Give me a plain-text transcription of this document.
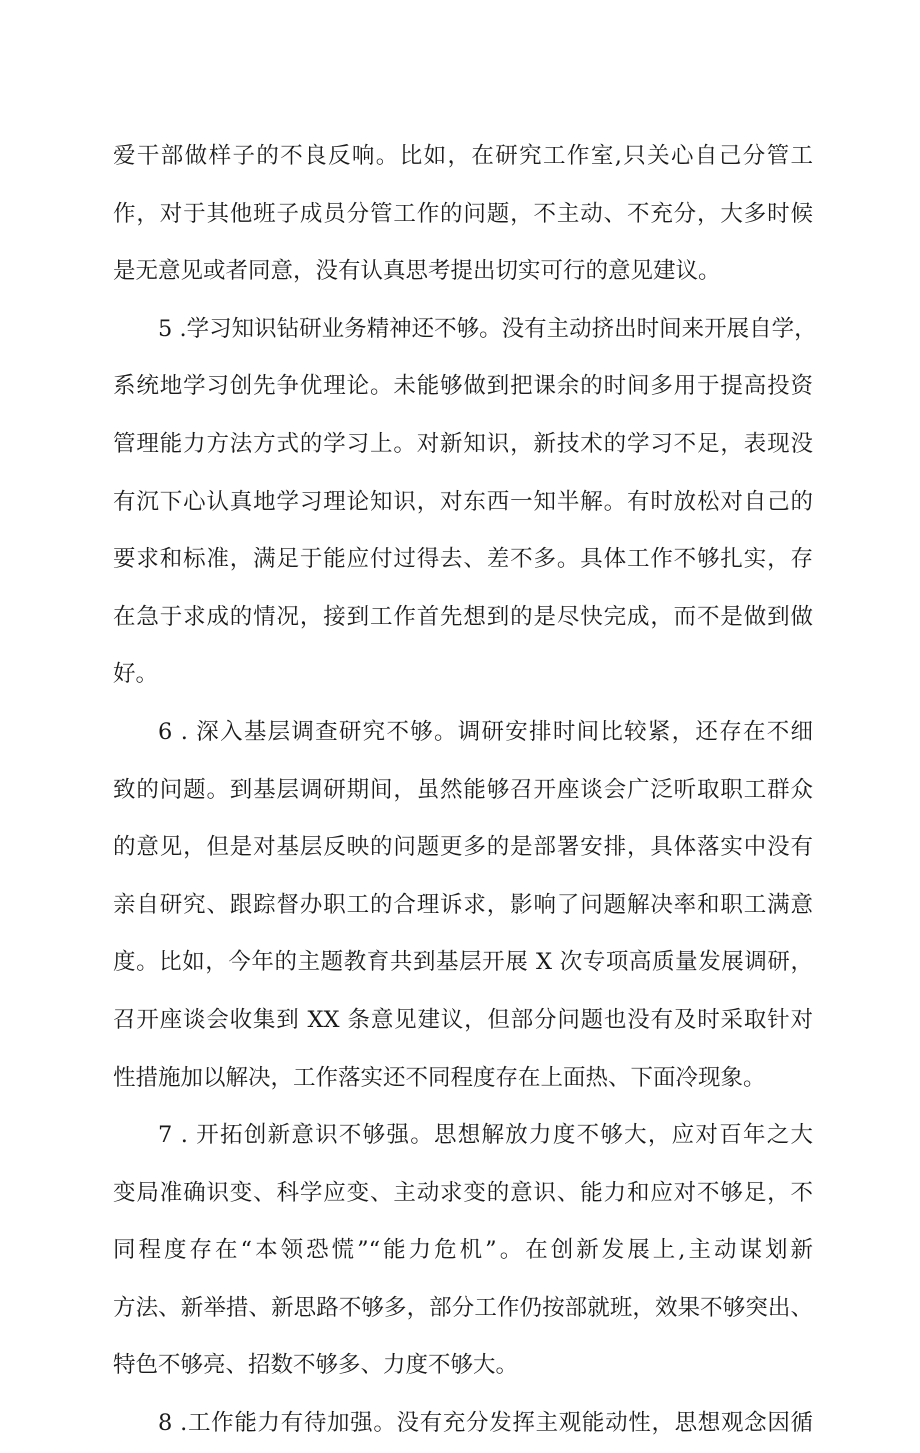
爱干部做样子的不良反响。比如，在研究工作室,只关心自己分管工
作，对于其他班子成员分管工作的问题，不主动、不充分，大多时候
是无意见或者同意，没有认真思考提出切实可行的意见建议。
5 .学习知识钻研业务精神还不够。没有主动挤出时间来开展自学，
系统地学习创先争优理论。未能够做到把课余的时间多用于提高投资
管理能力方法方式的学习上。对新知识，新技术的学习不足，表现没
有沉下心认真地学习理论知识，对东西一知半解。有时放松对自己的
要求和标准，满足于能应付过得去、差不多。具体工作不够扎实，存
在急于求成的情况，接到工作首先想到的是尽快完成，而不是做到做
好。
6 . 深入基层调查研究不够。调研安排时间比较紧，还存在不细
致的问题。到基层调研期间，虽然能够召开座谈会广泛听取职工群众
的意见，但是对基层反映的问题更多的是部署安排，具体落实中没有
亲自研究、跟踪督办职工的合理诉求，影响了问题解决率和职工满意
度。比如，今年的主题教育共到基层开展 X 次专项高质量发展调研，
召开座谈会收集到 XX 条意见建议，但部分问题也没有及时采取针对
性措施加以解决，工作落实还不同程度存在上面热、下面冷现象。
7 . 开拓创新意识不够强。思想解放力度不够大，应对百年之大
变局准确识变、科学应变、主动求变的意识、能力和应对不够足，不
同程度存在“本领恐慌”“能力危机”。在创新发展上,主动谋划新
方法、新举措、新思路不够多，部分工作仍按部就班，效果不够突出、
特色不够亮、招数不够多、力度不够大。
8 .工作能力有待加强。没有充分发挥主观能动性，思想观念因循
